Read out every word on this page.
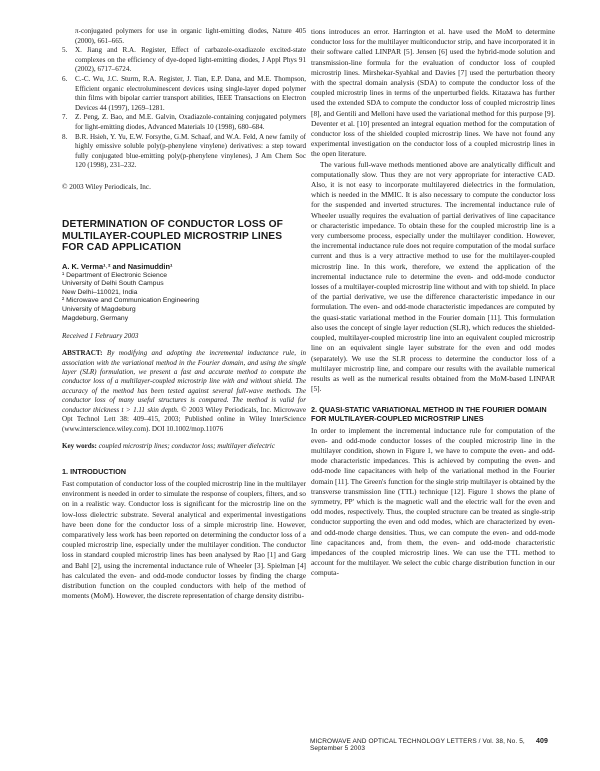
π-conjugated polymers for use in organic light-emitting diodes, Nature 405 (2000), 661–665.
5. X. Jiang and R.A. Register, Effect of carbazole-oxadiazole excited-state complexes on the efficiency of dye-doped light-emitting diodes, J Appl Phys 91 (2002), 6717–6724.
6. C.-C. Wu, J.C. Sturm, R.A. Register, J. Tian, E.P. Dana, and M.E. Thompson, Efficient organic electroluminescent devices using single-layer doped polymer thin films with bipolar carrier transport abilities, IEEE Transactions on Electron Devices 44 (1997), 1269–1281.
7. Z. Peng, Z. Bao, and M.E. Galvin, Oxadiazole-containing conjugated polymers for light-emitting diodes, Advanced Materials 10 (1998), 680–684.
8. B.R. Hsieh, Y. Yu, E.W. Forsythe, G.M. Schaaf, and W.A. Feld, A new family of highly emissive soluble poly(p-phenylene vinylene) derivatives: a step toward fully conjugated blue-emitting poly(p-phenylene vinylenes), J Am Chem Soc 120 (1998), 231–232.

© 2003 Wiley Periodicals, Inc.

DETERMINATION OF CONDUCTOR LOSS OF MULTILAYER-COUPLED MICROSTRIP LINES FOR CAD APPLICATION
A. K. Verma¹˒² and Nasimuddin¹
¹ Department of Electronic Science
University of Delhi South Campus
New Delhi–110021, India
² Microwave and Communication Engineering
University of Magdeburg
Magdeburg, Germany
Received 1 February 2003

ABSTRACT: By modifying and adopting the incremental inductance rule, in association with the variational method in the Fourier domain, and using the single layer (SLR) formulation, we present a fast and accurate method to compute the conductor loss of a multilayer-coupled microstrip line with and without shield. The accuracy of the method has been tested against several full-wave methods. The conductor loss of many useful structures is compared. The method is valid for conductor thickness t > 1.11 skin depth. © 2003 Wiley Periodicals, Inc. Microwave Opt Technol Lett 38: 409–415, 2003; Published online in Wiley InterScience (www.interscience.wiley.com). DOI 10.1002/mop.11076

Key words: coupled microstrip lines; conductor loss; multilayer dielectric

1. INTRODUCTION

Fast computation of conductor loss of the coupled microstrip line in the multilayer environment is needed in order to simulate the response of couplers, filters, and so on in a realistic way. Conductor loss is significant for the microstrip line on the low-loss dielectric substrate. Several analytical and experimental investigations have been done for the conductor loss of a simple microstrip line. However, comparatively less work has been reported on determining the conductor loss of a coupled microstrip line, especially under the multilayer condition. The conductor loss in standard coupled microstrip lines has been analysed by Rao [1] and Garg and Bahl [2], using the incremental inductance rule of Wheeler [3]. Spielman [4] has calculated the even- and odd-mode conductor losses by finding the charge distribution function on the coupled conductors with help of the method of moments (MoM). However, the discrete representation of charge density distribu-

tions introduces an error. Harrington et al. have used the MoM to determine conductor loss for the multilayer multiconductor strip, and have incorporated it in their software called LINPAR [5]. Jensen [6] used the hybrid-mode solution and transmission-line formula for the evaluation of conductor loss of coupled microstrip lines. Mirshekar-Syahkal and Davies [7] used the perturbation theory with the spectral domain analysis (SDA) to compute the conductor loss of the coupled microstrip lines in terms of the unperturbed fields. Kitazawa has further used the extended SDA to compute the conductor loss of coupled microstrip lines [8], and Gentili and Melloni have used the variational method for this purpose [9]. Deventer et al. [10] presented an integral equation method for the computation of conductor loss of the shielded coupled microstrip lines. We have not found any experimental investigation on the conductor loss of a coupled microstrip lines in the open literature.

The various full-wave methods mentioned above are analytically difficult and computationally slow. Thus they are not very appropriate for interactive CAD. Also, it is not easy to incorporate multilayered dielectrics in the formulation, which is needed in the MMIC. It is also necessary to compute the conductor loss for the suspended and inverted structures. The incremental inductance rule of Wheeler usually requires the evaluation of partial derivatives of line capacitance or characteristic impedance. To obtain these for the coupled microstrip line is a very cumbersome process, especially under the multilayer condition. However, the incremental inductance rule does not require computation of the modal surface current and thus is a very attractive method to use for the multilayer-coupled microstrip line. In this work, therefore, we extend the application of the incremental inductance rule to determine the even- and odd-mode conductor losses of a multilayer-coupled microstrip line without and with top shield. In place of the partial derivative, we use the difference characteristic impedance in our formulation. The even- and odd-mode characteristic impedances are computed by the quasi-static variational method in the Fourier domain [11]. This formulation also uses the concept of single layer reduction (SLR), which reduces the shielded-coupled, multilayer-coupled microstrip line into an equivalent coupled microstrip line on an equivalent single layer substrate for the even and odd modes (separately). We use the SLR process to determine the conductor loss of a multilayer microstrip line, and compare our results with the available numerical results as well as the numerical results obtained from the MoM-based LINPAR [5].

2. QUASI-STATIC VARIATIONAL METHOD IN THE FOURIER DOMAIN FOR MULTILAYER-COUPLED MICROSTRIP LINES

In order to implement the incremental inductance rule for computation of the even- and odd-mode conductor losses of the coupled microstrip line in the multilayer condition, shown in Figure 1, we have to compute the even- and odd-mode characteristic impedances. This is achieved by computing the even- and odd-mode line capacitances with help of the variational method in the Fourier domain [11]. The Green's function for the single strip multilayer is obtained by the transverse transmission line (TTL) technique [12]. Figure 1 shows the plane of symmetry, PP' which is the magnetic wall and the electric wall for the even and odd modes, respectively. Thus, the coupled structure can be treated as single-strip conductor supporting the even and odd modes, which are characterized by even- and odd-mode charge densities. Thus, we can compute the even- and odd-mode line capacitances and, from them, the even- and odd-mode characteristic impedances of the coupled microstrip lines. We can use the TTL method to account for the multilayer. We select the cubic charge distribution function in our computa-

MICROWAVE AND OPTICAL TECHNOLOGY LETTERS / Vol. 38, No. 5, September 5 2003
409
